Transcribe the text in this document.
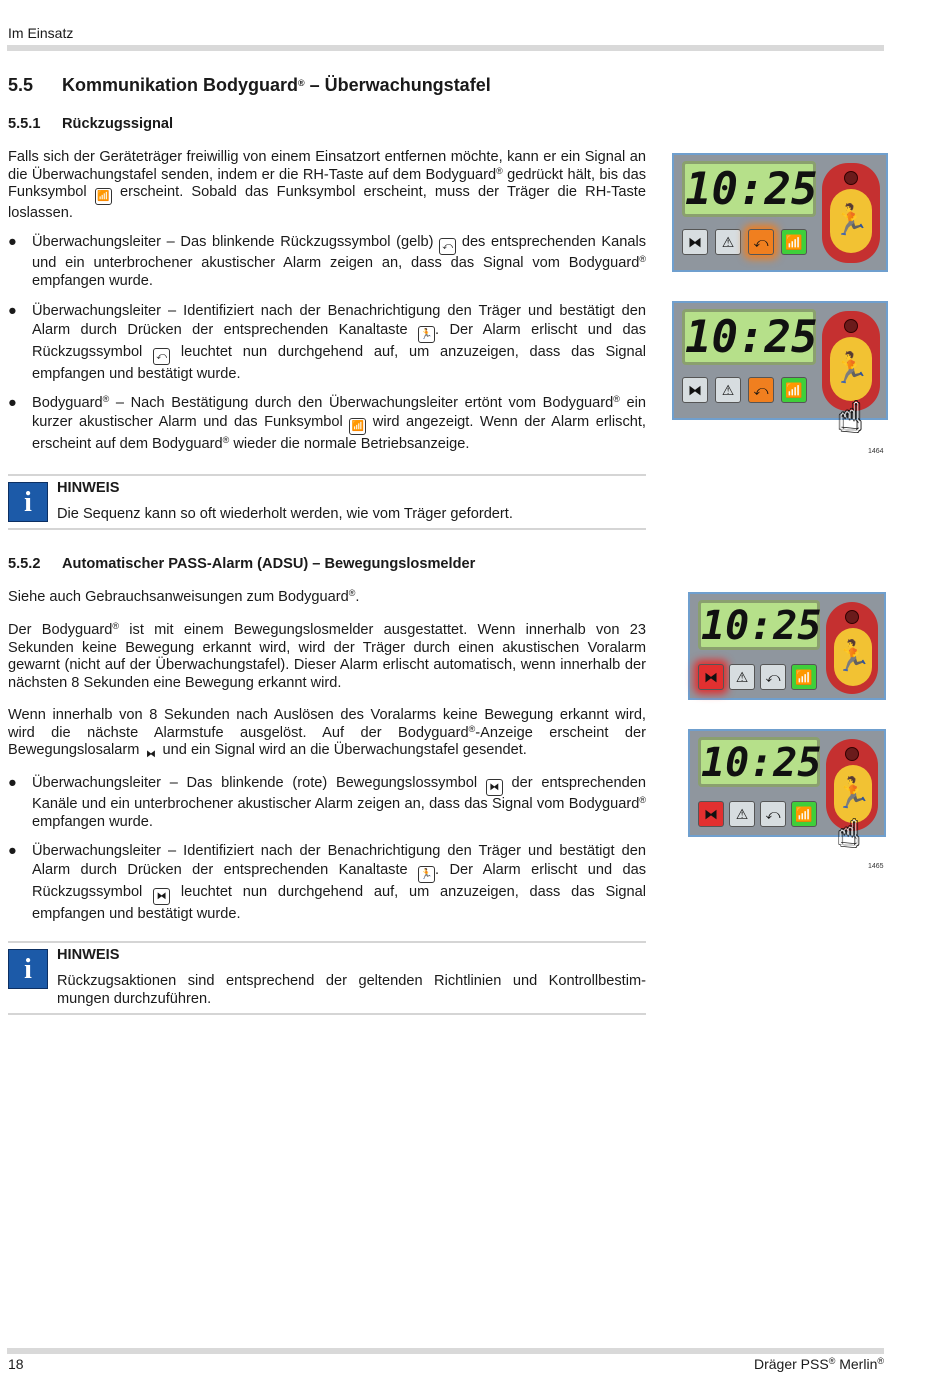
Im Einsatz
5.5 Kommunikation Bodyguard® – Überwachungstafel
5.5.1 Rückzugssignal
Falls sich der Geräteträger freiwillig von einem Einsatzort entfernen möchte, kann er ein Signal an die Überwachungstafel senden, indem er die RH-Taste auf dem Bodyguard® gedrückt hält, bis das Funksymbol 📶 erscheint. Sobald das Funksymbol erscheint, muss der Träger die RH-Taste loslassen.
● Überwachungsleiter – Das blinkende Rückzugssymbol (gelb) ⤺ des entsprechenden Kanals und ein unterbrochener akustischer Alarm zeigen an, dass das Signal vom Bodyguard® empfangen wurde.
● Überwachungsleiter – Identifiziert nach der Benachrichtigung den Träger und bestätigt den Alarm durch Drücken der entsprechenden Kanaltaste 🏃 . Der Alarm erlischt und das Rückzugssymbol ⤺ leuchtet nun durchgehend auf, um anzuzeigen, dass das Signal empfangen und bestätigt wurde.
● Bodyguard® – Nach Bestätigung durch den Überwachungsleiter ertönt vom Bodyguard® ein kurzer akustischer Alarm und das Funksymbol 📶 wird angezeigt. Wenn der Alarm erlischt, erscheint auf dem Bodyguard® wieder die normale Betriebsanzeige.
10:25
⧓	⚠	⤺	📶
🏃
10:25
⧓	⚠	⤺	📶
🏃
☝
1464
i	HINWEIS
Die Sequenz kann so oft wiederholt werden, wie vom Träger gefordert.
5.5.2 Automatischer PASS-Alarm (ADSU) – Bewegungslosmelder
Siehe auch Gebrauchsanweisungen zum Bodyguard®.
Der Bodyguard® ist mit einem Bewegungslosmelder ausgestattet. Wenn innerhalb von 23 Sekunden keine Bewegung erkannt wird, wird der Träger durch einen akustischen Voralarm gewarnt (nicht auf der Überwachungstafel). Dieser Alarm erlischt automatisch, wenn innerhalb der nächsten 8 Sekunden eine Bewegung erkannt wird.
Wenn innerhalb von 8 Sekunden nach Auslösen des Voralarms keine Bewegung erkannt wird, wird die nächste Alarmstufe ausgelöst. Auf der Bodyguard®-Anzeige erscheint der Bewegungslosalarm ⧓ und ein Signal wird an die Überwachungstafel gesendet.
● Überwachungsleiter – Das blinkende (rote) Bewegungslossymbol ⧓ der entsprechenden Kanäle und ein unterbrochener akustischer Alarm zeigen an, dass das Signal vom Bodyguard® empfangen wurde.
● Überwachungsleiter – Identifiziert nach der Benachrichtigung den Träger und bestätigt den Alarm durch Drücken der entsprechenden Kanaltaste 🏃 . Der Alarm erlischt und das Rückzugssymbol ⧓ leuchtet nun durchgehend auf, um anzuzeigen, dass das Signal empfangen und bestätigt wurde.
10:25
⧓	⚠	⤺	📶
🏃
10:25
⧓	⚠	⤺	📶
🏃
☝
1465
i	HINWEIS
Rückzugsaktionen sind entsprechend der geltenden Richtlinien und Kontrollbestim-mungen durchzuführen.
18	Dräger PSS® Merlin®
